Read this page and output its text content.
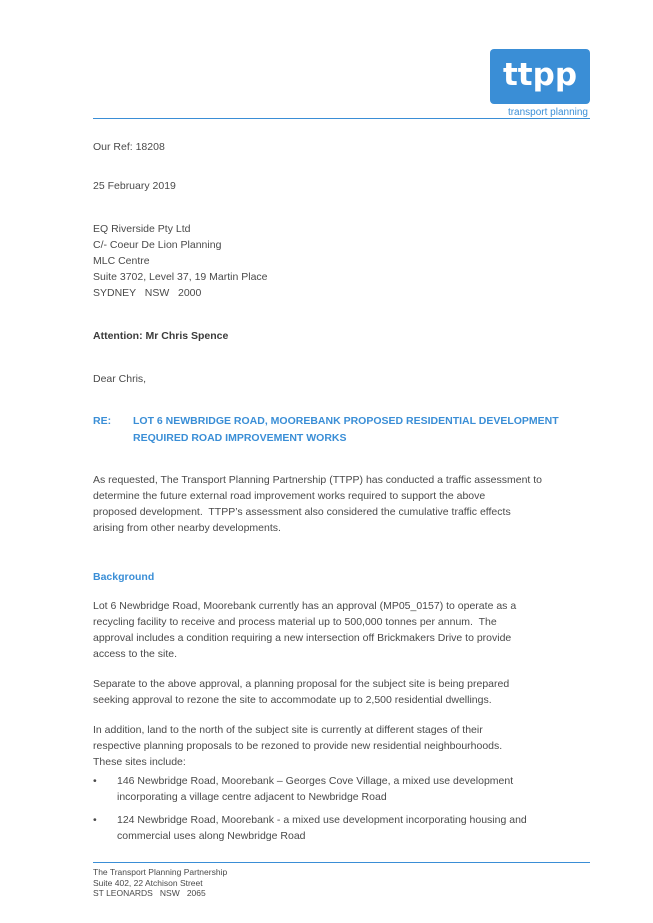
ttpp
transport planning
Our Ref: 18208
25 February 2019
EQ Riverside Pty Ltd
C/- Coeur De Lion Planning
MLC Centre
Suite 3702, Level 37, 19 Martin Place
SYDNEY   NSW   2000
Attention: Mr Chris Spence
Dear Chris,
RE: LOT 6 NEWBRIDGE ROAD, MOOREBANK PROPOSED RESIDENTIAL DEVELOPMENT
REQUIRED ROAD IMPROVEMENT WORKS
As requested, The Transport Planning Partnership (TTPP) has conducted a traffic assessment to
determine the future external road improvement works required to support the above
proposed development.  TTPP’s assessment also considered the cumulative traffic effects
arising from other nearby developments.
Background
Lot 6 Newbridge Road, Moorebank currently has an approval (MP05_0157) to operate as a
recycling facility to receive and process material up to 500,000 tonnes per annum.  The
approval includes a condition requiring a new intersection off Brickmakers Drive to provide
access to the site.
Separate to the above approval, a planning proposal for the subject site is being prepared
seeking approval to rezone the site to accommodate up to 2,500 residential dwellings.
In addition, land to the north of the subject site is currently at different stages of their
respective planning proposals to be rezoned to provide new residential neighbourhoods.
These sites include:
• 146 Newbridge Road, Moorebank – Georges Cove Village, a mixed use development
incorporating a village centre adjacent to Newbridge Road
• 124 Newbridge Road, Moorebank - a mixed use development incorporating housing and
commercial uses along Newbridge Road
The Transport Planning Partnership
Suite 402, 22 Atchison Street
ST LEONARDS   NSW   2065
